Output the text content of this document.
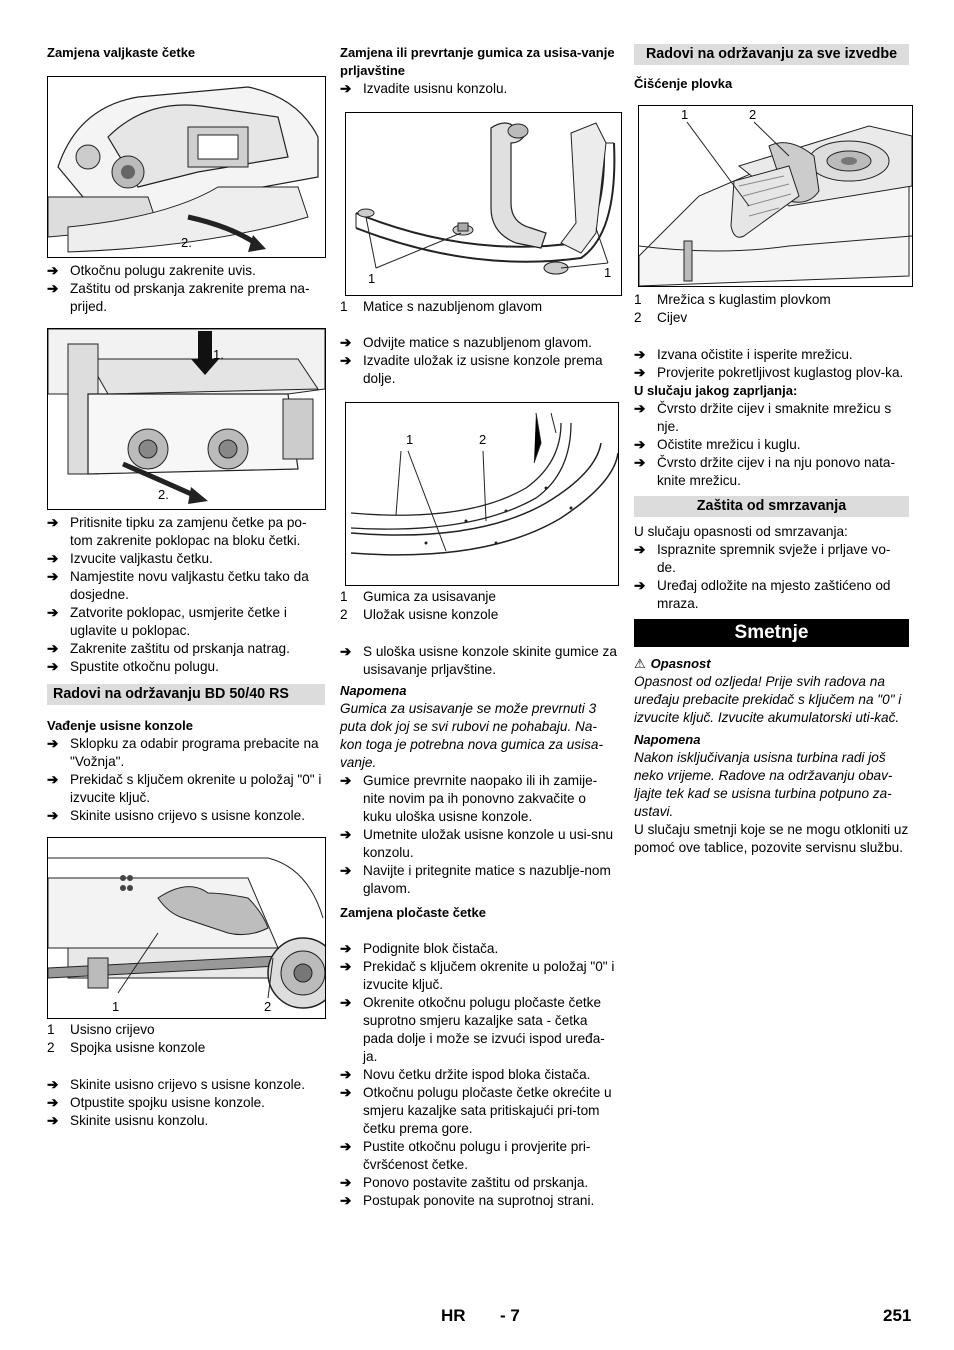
Zamjena valjkaste četke
2.
➔ Otkočnu polugu zakrenite uvis.
➔ Zaštitu od prskanja zakrenite prema na-prijed.
1.
2.
➔ Pritisnite tipku za zamjenu četke pa po-tom zakrenite poklopac na bloku četki.
➔ Izvucite valjkastu četku.
➔ Namjestite novu valjkastu četku tako da dosjedne.
➔ Zatvorite poklopac, usmjerite četke i uglavite u poklopac.
➔ Zakrenite zaštitu od prskanja natrag.
➔ Spustite otkočnu polugu.
Radovi na održavanju BD 50/40 RS
Vađenje usisne konzole
➔ Sklopku za odabir programa prebacite na "Vožnja".
➔ Prekidač s ključem okrenite u položaj "0" i izvucite ključ.
➔ Skinite usisno crijevo s usisne konzole.
1	2
1 Usisno crijevo
2 Spojka usisne konzole
➔ Skinite usisno crijevo s usisne konzole.
➔ Otpustite spojku usisne konzole.
➔ Skinite usisnu konzolu.
Zamjena ili prevrtanje gumica za usisa-vanje prljavštine
➔ Izvadite usisnu konzolu.
1	1
1 Matice s nazubljenom glavom
➔ Odvijte matice s nazubljenom glavom.
➔ Izvadite uložak iz usisne konzole prema dolje.
1	2
1 Gumica za usisavanje
2 Uložak usisne konzole
➔ S uloška usisne konzole skinite gumice za usisavanje prljavštine.
Napomena
Gumica za usisavanje se može prevrnuti 3 puta dok joj se svi rubovi ne pohabaju. Na-kon toga je potrebna nova gumica za usisa-vanje.
➔ Gumice prevrnite naopako ili ih zamije-nite novim pa ih ponovno zakvačite o kuku uloška usisne konzole.
➔ Umetnite uložak usisne konzole u usi-snu konzolu.
➔ Navijte i pritegnite matice s nazublje-nom glavom.
Zamjena pločaste četke
➔ Podignite blok čistača.
➔ Prekidač s ključem okrenite u položaj "0" i izvucite ključ.
➔ Okrenite otkočnu polugu pločaste četke suprotno smjeru kazaljke sata - četka pada dolje i može se izvući ispod uređa-ja.
➔ Novu četku držite ispod bloka čistača.
➔ Otkočnu polugu pločaste četke okrećite u smjeru kazaljke sata pritiskajući pri-tom četku prema gore.
➔ Pustite otkočnu polugu i provjerite pri-čvršćenost četke.
➔ Ponovo postavite zaštitu od prskanja.
➔ Postupak ponovite na suprotnoj strani.
Radovi na održavanju za sve izvedbe
Čišćenje plovka
1	2
1 Mrežica s kuglastim plovkom
2 Cijev
➔ Izvana očistite i isperite mrežicu.
➔ Provjerite pokretljivost kuglastog plov-ka.
U slučaju jakog zaprljanja:
➔ Čvrsto držite cijev i smaknite mrežicu s nje.
➔ Očistite mrežicu i kuglu.
➔ Čvrsto držite cijev i na nju ponovo nata-knite mrežicu.
Zaštita od smrzavanja
U slučaju opasnosti od smrzavanja:
➔ Ispraznite spremnik svježe i prljave vo-de.
➔ Uređaj odložite na mjesto zaštićeno od mraza.
Smetnje
⚠ Opasnost
Opasnost od ozljeda! Prije svih radova na uređaju prebacite prekidač s ključem na "0" i izvucite ključ. Izvucite akumulatorski uti-kač.
Napomena
Nakon isključivanja usisna turbina radi još neko vrijeme. Radove na održavanju obav-ljajte tek kad se usisna turbina potpuno za-ustavi.
U slučaju smetnji koje se ne mogu otkloniti uz pomoć ove tablice, pozovite servisnu službu.
HR - 7	251
